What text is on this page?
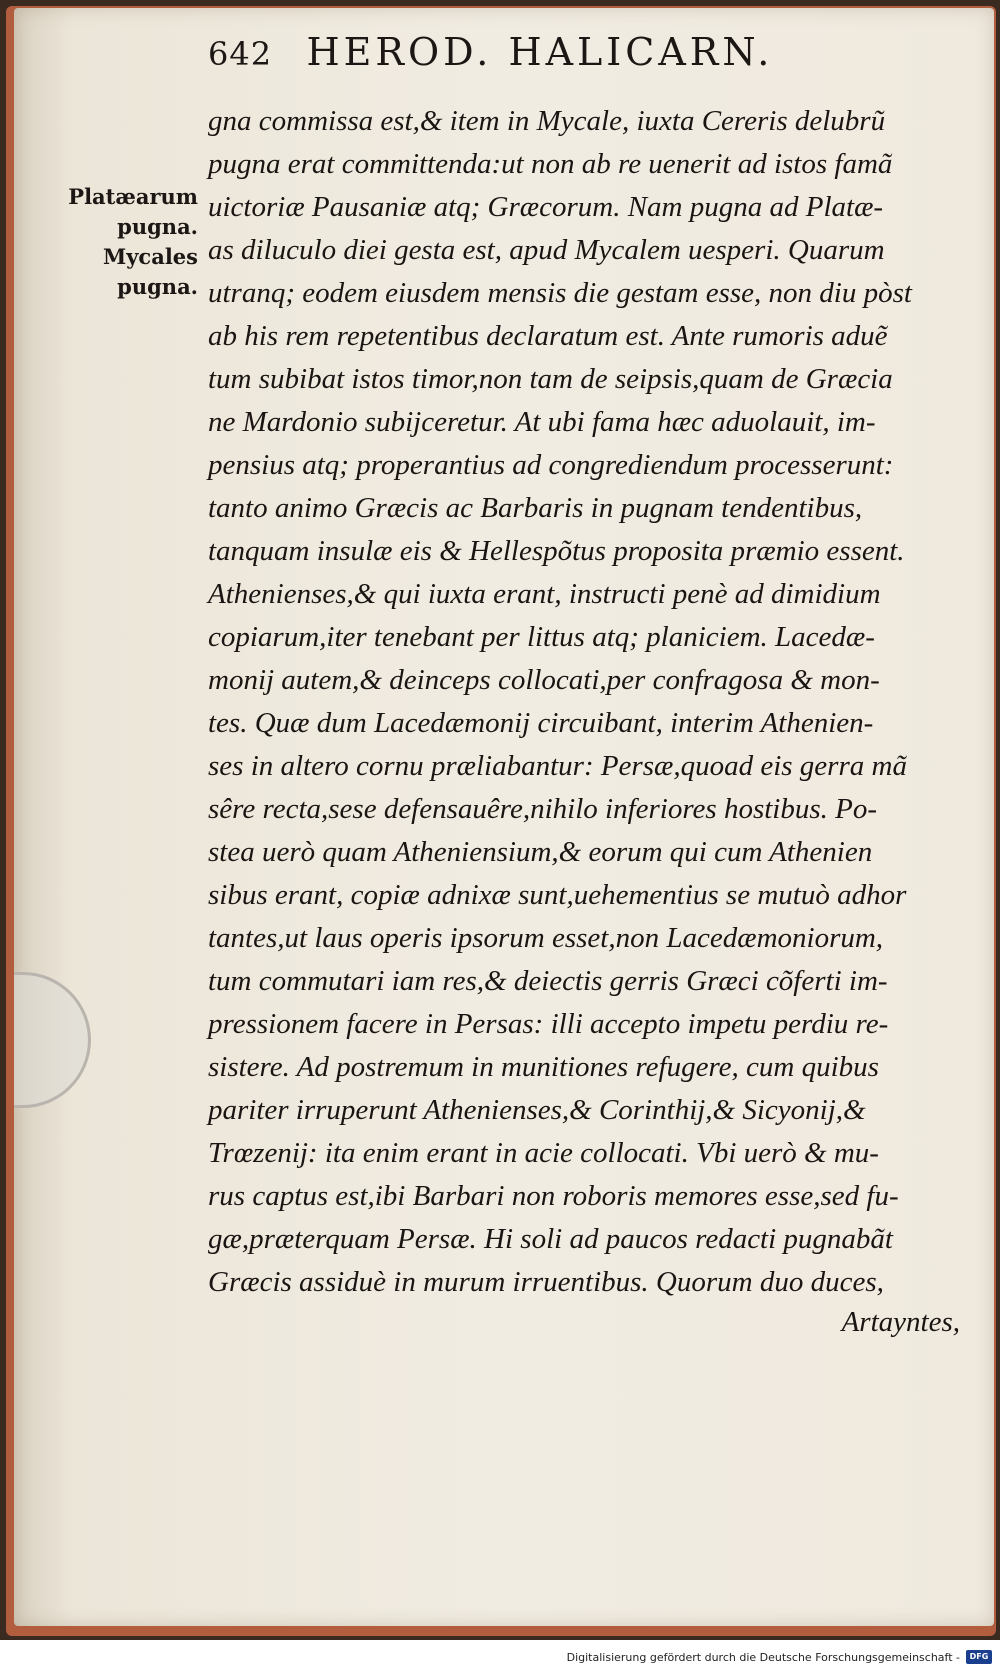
642 HEROD. HALICARN.
Platæarum
pugna.
Mycales
pugna.
gna commissa est,& item in Mycale, iuxta Cereris delubrũ
pugna erat committenda:ut non ab re uenerit ad istos famã
uictoriæ Pausaniæ atq; Græcorum. Nam pugna ad Platæ-
as diluculo diei gesta est, apud Mycalem uesperi. Quarum
utranq; eodem eiusdem mensis die gestam esse, non diu pòst
ab his rem repetentibus declaratum est. Ante rumoris aduẽ
tum subibat istos timor,non tam de seipsis,quam de Græcia
ne Mardonio subijceretur. At ubi fama hæc aduolauit, im-
pensius atq; properantius ad congrediendum processerunt:
tanto animo Græcis ac Barbaris in pugnam tendentibus,
tanquam insulæ eis & Hellespõtus proposita præmio essent.
Athenienses,& qui iuxta erant, instructi penè ad dimidium
copiarum,iter tenebant per littus atq; planiciem. Lacedæ-
monij autem,& deinceps collocati,per confragosa & mon-
tes. Quæ dum Lacedæmonij circuibant, interim Athenien-
ses in altero cornu præliabantur: Persæ,quoad eis gerra mã
sêre recta,sese defensauêre,nihilo inferiores hostibus. Po-
stea uerò quam Atheniensium,& eorum qui cum Athenien
sibus erant, copiæ adnixæ sunt,uehementius se mutuò adhor
tantes,ut laus operis ipsorum esset,non Lacedæmoniorum,
tum commutari iam res,& deiectis gerris Græci cõferti im-
pressionem facere in Persas: illi accepto impetu perdiu re-
sistere. Ad postremum in munitiones refugere, cum quibus
pariter irruperunt Athenienses,& Corinthij,& Sicyonij,&
Trœzenij: ita enim erant in acie collocati. Vbi uerò & mu-
rus captus est,ibi Barbari non roboris memores esse,sed fu-
gæ,præterquam Persæ. Hi soli ad paucos redacti pugnabãt
Græcis assiduè in murum irruentibus. Quorum duo duces,
Artayntes,
Digitalisierung gefördert durch die Deutsche Forschungsgemeinschaft -	DFG
